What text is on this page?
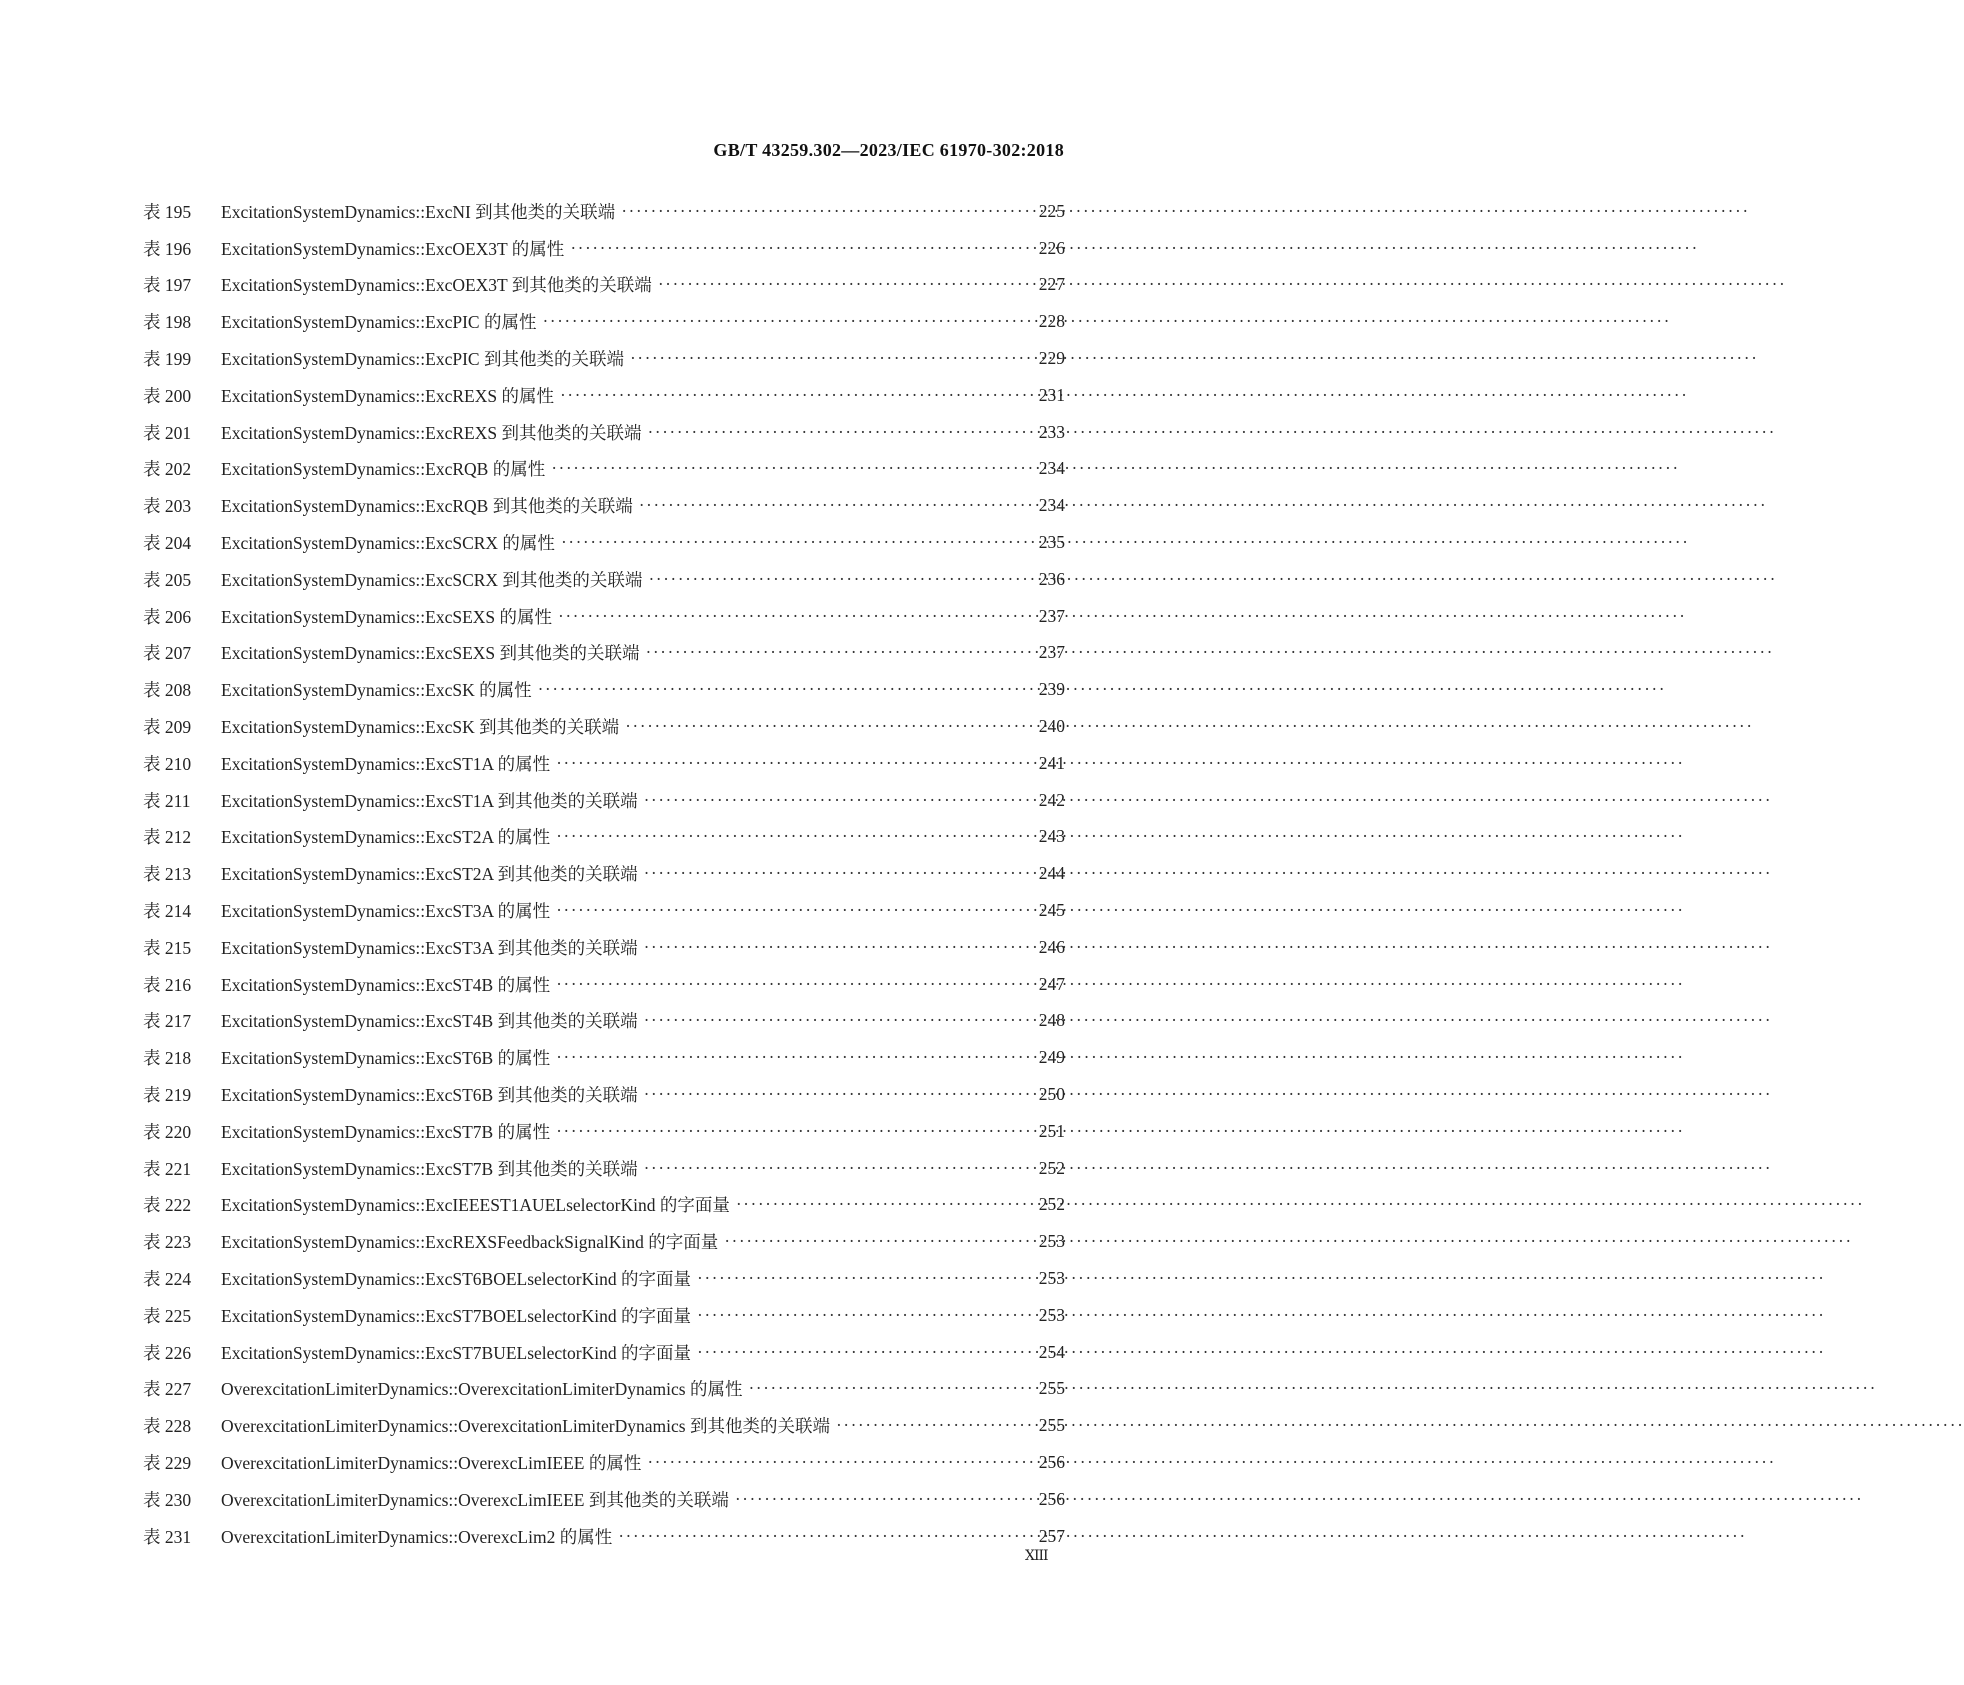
GB/T 43259.302—2023/IEC 61970-302:2018
表 195	ExcitationSystemDynamics::ExcNI 到其他类的关联端 ·····	225
表 196	ExcitationSystemDynamics::ExcOEX3T 的属性 ·····	226
表 197	ExcitationSystemDynamics::ExcOEX3T 到其他类的关联端 ·····	227
表 198	ExcitationSystemDynamics::ExcPIC 的属性 ·····	228
表 199	ExcitationSystemDynamics::ExcPIC 到其他类的关联端 ·····	229
表 200	ExcitationSystemDynamics::ExcREXS 的属性 ·····	231
表 201	ExcitationSystemDynamics::ExcREXS 到其他类的关联端 ·····	233
表 202	ExcitationSystemDynamics::ExcRQB 的属性 ·····	234
表 203	ExcitationSystemDynamics::ExcRQB 到其他类的关联端 ·····	234
表 204	ExcitationSystemDynamics::ExcSCRX 的属性 ·····	235
表 205	ExcitationSystemDynamics::ExcSCRX 到其他类的关联端 ·····	236
表 206	ExcitationSystemDynamics::ExcSEXS 的属性 ·····	237
表 207	ExcitationSystemDynamics::ExcSEXS 到其他类的关联端 ·····	237
表 208	ExcitationSystemDynamics::ExcSK 的属性 ·····	239
表 209	ExcitationSystemDynamics::ExcSK 到其他类的关联端 ·····	240
表 210	ExcitationSystemDynamics::ExcST1A 的属性 ·····	241
表 211	ExcitationSystemDynamics::ExcST1A 到其他类的关联端 ·····	242
表 212	ExcitationSystemDynamics::ExcST2A 的属性 ·····	243
表 213	ExcitationSystemDynamics::ExcST2A 到其他类的关联端 ·····	244
表 214	ExcitationSystemDynamics::ExcST3A 的属性 ·····	245
表 215	ExcitationSystemDynamics::ExcST3A 到其他类的关联端 ·····	246
表 216	ExcitationSystemDynamics::ExcST4B 的属性 ·····	247
表 217	ExcitationSystemDynamics::ExcST4B 到其他类的关联端 ·····	248
表 218	ExcitationSystemDynamics::ExcST6B 的属性 ·····	249
表 219	ExcitationSystemDynamics::ExcST6B 到其他类的关联端 ·····	250
表 220	ExcitationSystemDynamics::ExcST7B 的属性 ·····	251
表 221	ExcitationSystemDynamics::ExcST7B 到其他类的关联端 ·····	252
表 222	ExcitationSystemDynamics::ExcIEEEST1AUELselectorKind 的字面量 ·····	252
表 223	ExcitationSystemDynamics::ExcREXSFeedbackSignalKind 的字面量 ·····	253
表 224	ExcitationSystemDynamics::ExcST6BOELselectorKind 的字面量 ·····	253
表 225	ExcitationSystemDynamics::ExcST7BOELselectorKind 的字面量 ·····	253
表 226	ExcitationSystemDynamics::ExcST7BUELselectorKind 的字面量 ·····	254
表 227	OverexcitationLimiterDynamics::OverexcitationLimiterDynamics 的属性 ·····	255
表 228	OverexcitationLimiterDynamics::OverexcitationLimiterDynamics 到其他类的关联端 ·····	255
表 229	OverexcitationLimiterDynamics::OverexcLimIEEE 的属性 ·····	256
表 230	OverexcitationLimiterDynamics::OverexcLimIEEE 到其他类的关联端 ·····	256
表 231	OverexcitationLimiterDynamics::OverexcLim2 的属性 ·····	257
XIII
